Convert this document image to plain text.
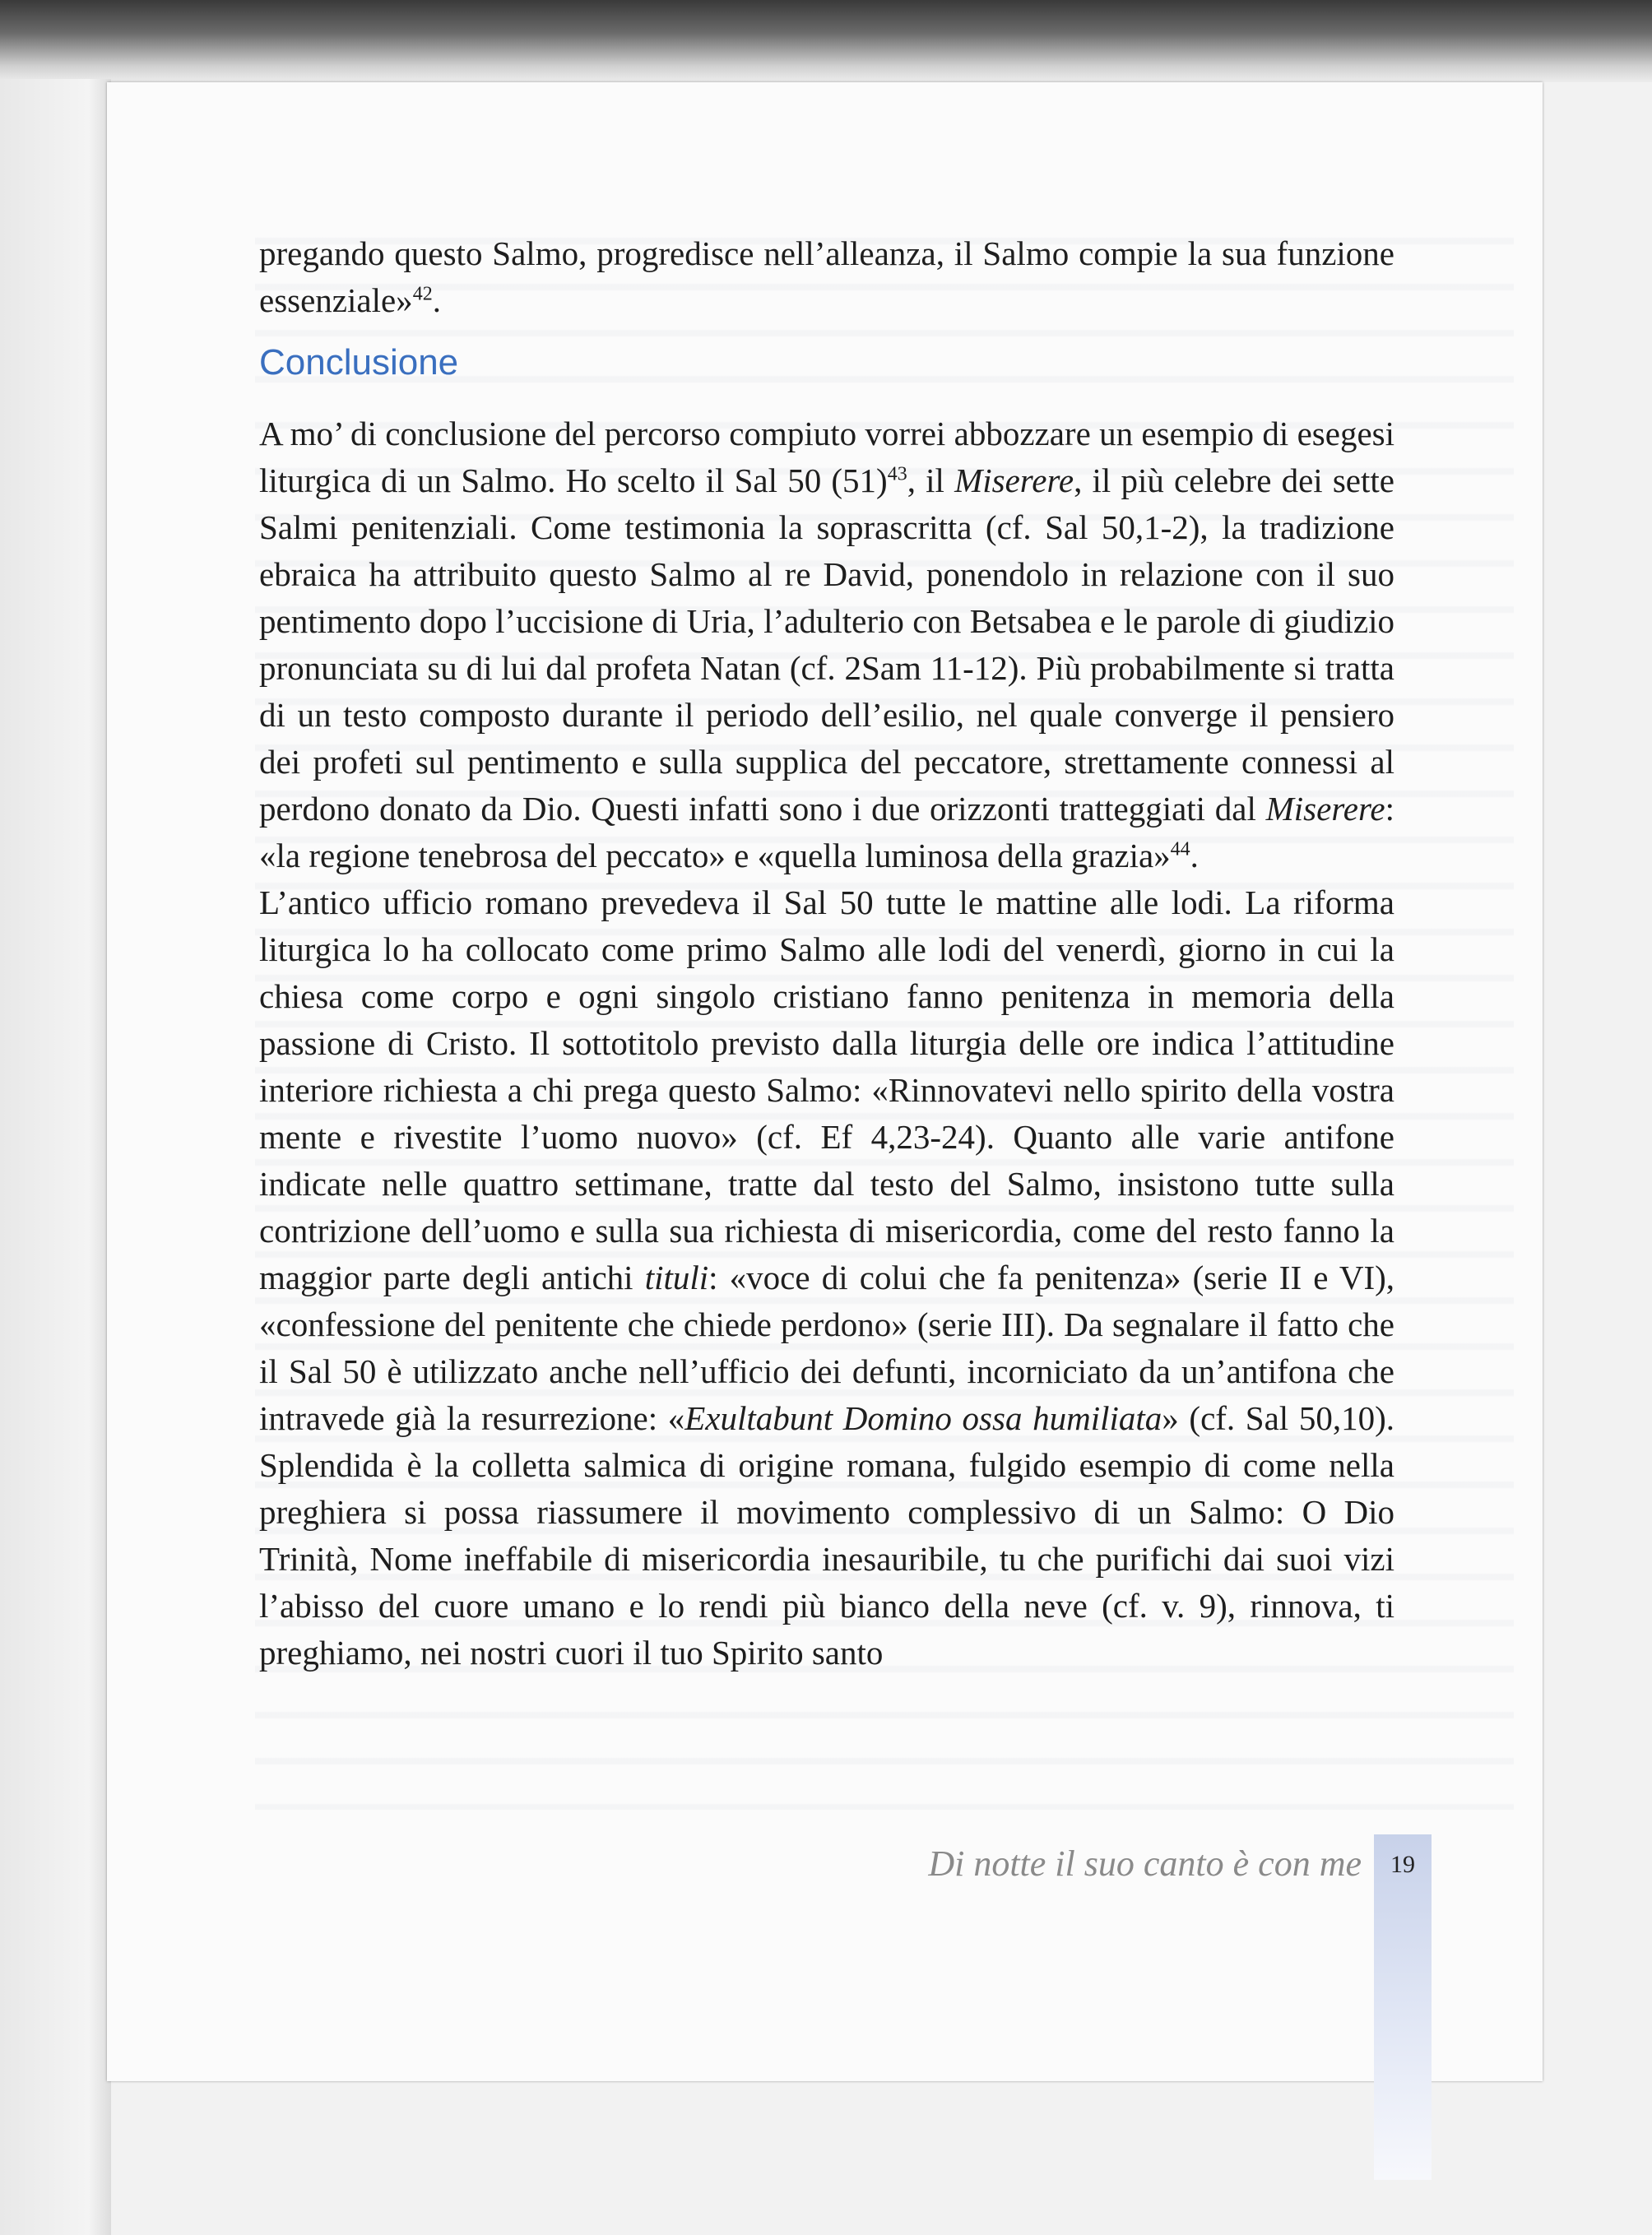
pregando questo Salmo, progredisce nell’alleanza, il Salmo compie la sua funzione essenziale»$^{42}$.

Conclusione

A mo’ di conclusione del percorso compiuto vorrei abbozzare un esempio di esegesi liturgica di un Salmo. Ho scelto il Sal 50 $(51)^{43}$, il Miserere, il più celebre dei sette Salmi penitenziali. Come testimonia la soprascritta (cf. Sal 50,1-2), la tradizione ebraica ha attribuito questo Salmo al re David, ponendolo in relazione con il suo pentimento dopo l’uccisione di Uria, l’adulterio con Betsabea e le parole di giudizio pronunciata su di lui dal profeta Natan (cf. 2Sam 11-12). Più probabilmente si tratta di un testo composto durante il periodo dell’esilio, nel quale converge il pensiero dei profeti sul pentimento e sulla supplica del peccatore, strettamente connessi al perdono donato da Dio. Questi infatti sono i due orizzonti tratteggiati dal Miserere: «la regione tenebrosa del peccato» e «quella luminosa della grazia»$^{44}$.

L’antico ufficio romano prevedeva il Sal 50 tutte le mattine alle lodi. La riforma liturgica lo ha collocato come primo Salmo alle lodi del venerdì, giorno in cui la chiesa come corpo e ogni singolo cristiano fanno penitenza in memoria della passione di Cristo. Il sottotitolo previsto dalla liturgia delle ore indica l’attitudine interiore richiesta a chi prega questo Salmo: «Rinnovatevi nello spirito della vostra mente e rivestite l’uomo nuovo» (cf. Ef 4,23-24). Quanto alle varie antifone indicate nelle quattro settimane, tratte dal testo del Salmo, insistono tutte sulla contrizione dell’uomo e sulla sua richiesta di misericordia, come del resto fanno la maggior parte degli antichi tituli: «voce di colui che fa penitenza» (serie II e VI), «confessione del penitente che chiede perdono» (serie III). Da segnalare il fatto che il Sal 50 è utilizzato anche nell’ufficio dei defunti, incorniciato da un’antifona che intravede già la resurrezione: «Exultabunt Domino ossa humiliata» (cf. Sal 50,10). Splendida è la colletta salmica di origine romana, fulgido esempio di come nella preghiera si possa riassumere il movimento complessivo di un Salmo: O Dio Trinità, Nome ineffabile di misericordia inesauribile, tu che purifichi dai suoi vizi l’abisso del cuore umano e lo rendi più bianco della neve (cf. v. 9), rinnova, ti preghiamo, nei nostri cuori il tuo Spirito santo

Di notte il suo canto è con me	19
